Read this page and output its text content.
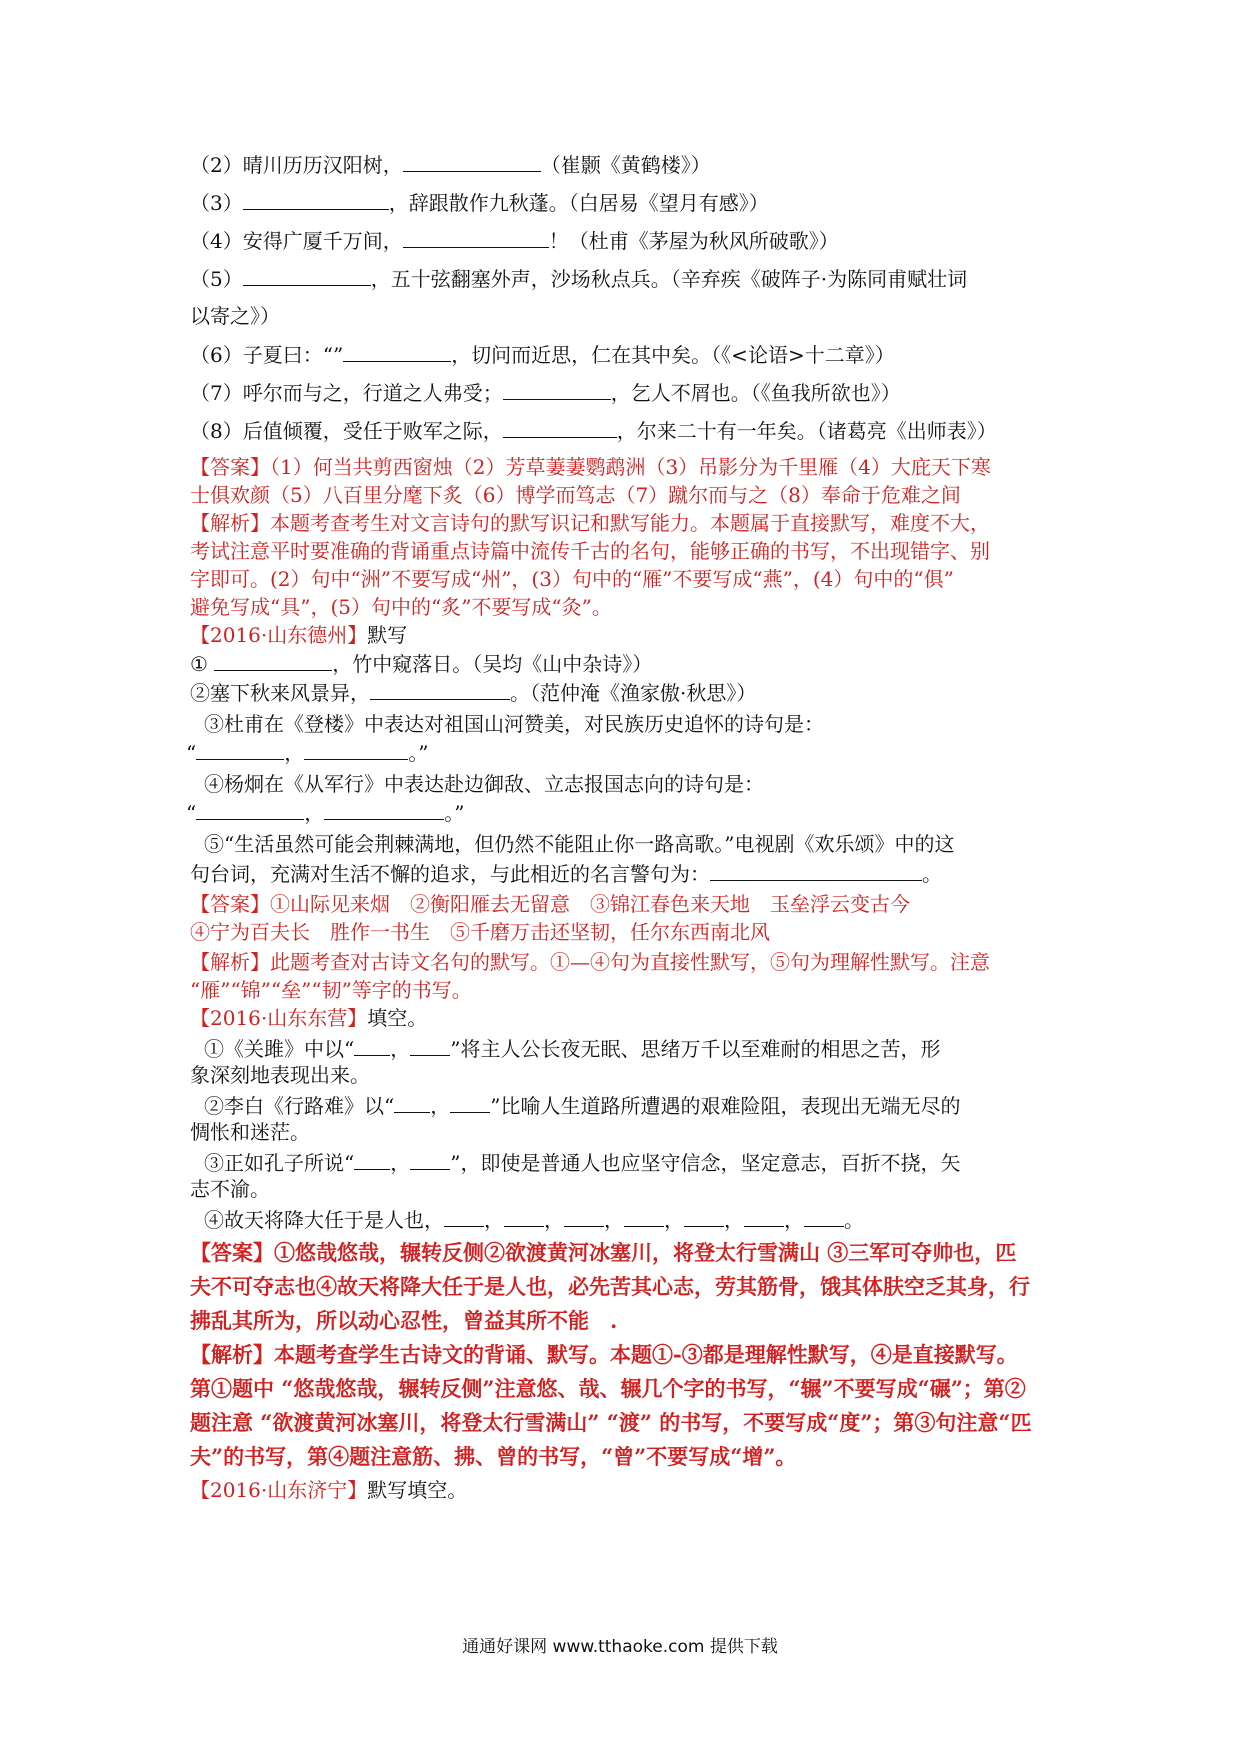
（2）晴川历历汉阳树，	（崔颢《黄鹤楼》）
（3）	，辞跟散作九秋蓬。（白居易《望月有感》）
（4）安得广厦千万间，	！（杜甫《茅屋为秋风所破歌》）
（5）	，五十弦翻塞外声，沙场秋点兵。（辛弃疾《破阵子·为陈同甫赋壮词
以寄之》）
（6）子夏曰：“”	，切问而近思，仁在其中矣。（《<论语>十二章》）
（7）呼尔而与之，行道之人弗受；	，乞人不屑也。（《鱼我所欲也》）
（8）后值倾覆，受任于败军之际，	，尔来二十有一年矣。（诸葛亮《出师表》）
【答案】（1）何当共剪西窗烛（2）芳草萋萋鹦鹉洲（3）吊影分为千里雁（4）大庇天下寒
士俱欢颜（5）八百里分麾下炙（6）博学而笃志（7）蹴尔而与之（8）奉命于危难之间
【解析】本题考查考生对文言诗句的默写识记和默写能力。本题属于直接默写，难度不大，
考试注意平时要准确的背诵重点诗篇中流传千古的名句，能够正确的书写，不出现错字、别
字即可。(2）句中“洲”不要写成“州”，(3）句中的“雁”不要写成“燕”，(4）句中的“俱”
避免写成“具”，(5）句中的“炙”不要写成“灸”。
【2016·山东德州】默写
①	，竹中窥落日。（吴均《山中杂诗》）
②塞下秋来风景异，	。（范仲淹《渔家傲·秋思》）
③杜甫在《登楼》中表达对祖国山河赞美，对民族历史追怀的诗句是：
“	，	。”
④杨炯在《从军行》中表达赴边御敌、立志报国志向的诗句是：
“	，	。”
⑤“生活虽然可能会荆棘满地，但仍然不能阻止你一路高歌。”电视剧《欢乐颂》中的这
句台词，充满对生活不懈的追求，与此相近的名言警句为：	。
【答案】①山际见来烟　②衡阳雁去无留意　③锦江春色来天地　玉垒浮云变古今
④宁为百夫长　胜作一书生　⑤千磨万击还坚韧，任尔东西南北风
【解析】此题考查对古诗文名句的默写。①—④句为直接性默写，⑤句为理解性默写。注意
“雁”“锦”“垒”“韧”等字的书写。
【2016·山东东营】填空。
①《关雎》中以“ ， ”将主人公长夜无眠、思绪万千以至难耐的相思之苦，形
象深刻地表现出来。
②李白《行路难》以“ ， ”比喻人生道路所遭遇的艰难险阻，表现出无端无尽的
惆怅和迷茫。
③正如孔子所说“ ， ”，即使是普通人也应坚守信念，坚定意志，百折不挠，矢
志不渝。
④故天将降大任于是人也， ， ， ， ， ， ， 。
【答案】①悠哉悠哉，辗转反侧②欲渡黄河冰塞川，将登太行雪满山 ③三军可夺帅也，匹
夫不可夺志也④故天将降大任于是人也，必先苦其心志，劳其筋骨，饿其体肤空乏其身，行
拂乱其所为，所以动心忍性，曾益其所不能　.
【解析】本题考查学生古诗文的背诵、默写。本题①-③都是理解性默写，④是直接默写。
第①题中 “悠哉悠哉，辗转反侧”注意悠、哉、辗几个字的书写，“辗”不要写成“碾”；第②
题注意 “欲渡黄河冰塞川，将登太行雪满山” “渡” 的书写，不要写成“度”；第③句注意“匹
夫”的书写，第④题注意筋、拂、曾的书写，“曾”不要写成“增”。
【2016·山东济宁】默写填空。
通通好课网 www.tthaoke.com 提供下载
